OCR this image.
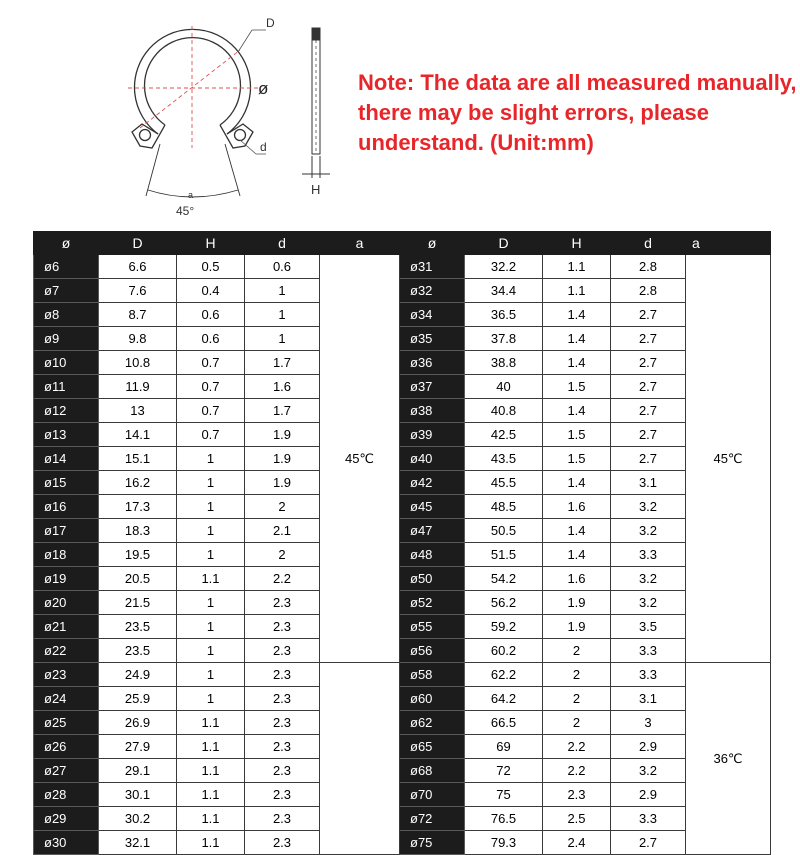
D
ø
d
a
45°
H
Note: The data are all measured manually,
there may be slight errors, please
understand. (Unit:mm)
ø	D	H	d	a	ø	D	H	d	a
ø6	6.6	0.5	0.6	45℃	ø31	32.2	1.1	2.8	45℃
ø7	7.6	0.4	1		ø32	34.4	1.1	2.8	
ø8	8.7	0.6	1		ø34	36.5	1.4	2.7	
ø9	9.8	0.6	1		ø35	37.8	1.4	2.7	
ø10	10.8	0.7	1.7		ø36	38.8	1.4	2.7	
ø11	11.9	0.7	1.6		ø37	40	1.5	2.7	
ø12	13	0.7	1.7		ø38	40.8	1.4	2.7	
ø13	14.1	0.7	1.9		ø39	42.5	1.5	2.7	
ø14	15.1	1	1.9		ø40	43.5	1.5	2.7	
ø15	16.2	1	1.9		ø42	45.5	1.4	3.1	
ø16	17.3	1	2		ø45	48.5	1.6	3.2	
ø17	18.3	1	2.1		ø47	50.5	1.4	3.2	
ø18	19.5	1	2		ø48	51.5	1.4	3.3	
ø19	20.5	1.1	2.2		ø50	54.2	1.6	3.2	
ø20	21.5	1	2.3		ø52	56.2	1.9	3.2	
ø21	23.5	1	2.3		ø55	59.2	1.9	3.5	
ø22	23.5	1	2.3		ø56	60.2	2	3.3	
ø23	24.9	1	2.3		ø58	62.2	2	3.3	36℃
ø24	25.9	1	2.3		ø60	64.2	2	3.1	
ø25	26.9	1.1	2.3		ø62	66.5	2	3	
ø26	27.9	1.1	2.3		ø65	69	2.2	2.9	
ø27	29.1	1.1	2.3		ø68	72	2.2	3.2	
ø28	30.1	1.1	2.3		ø70	75	2.3	2.9	
ø29	30.2	1.1	2.3		ø72	76.5	2.5	3.3	
ø30	32.1	1.1	2.3		ø75	79.3	2.4	2.7	
